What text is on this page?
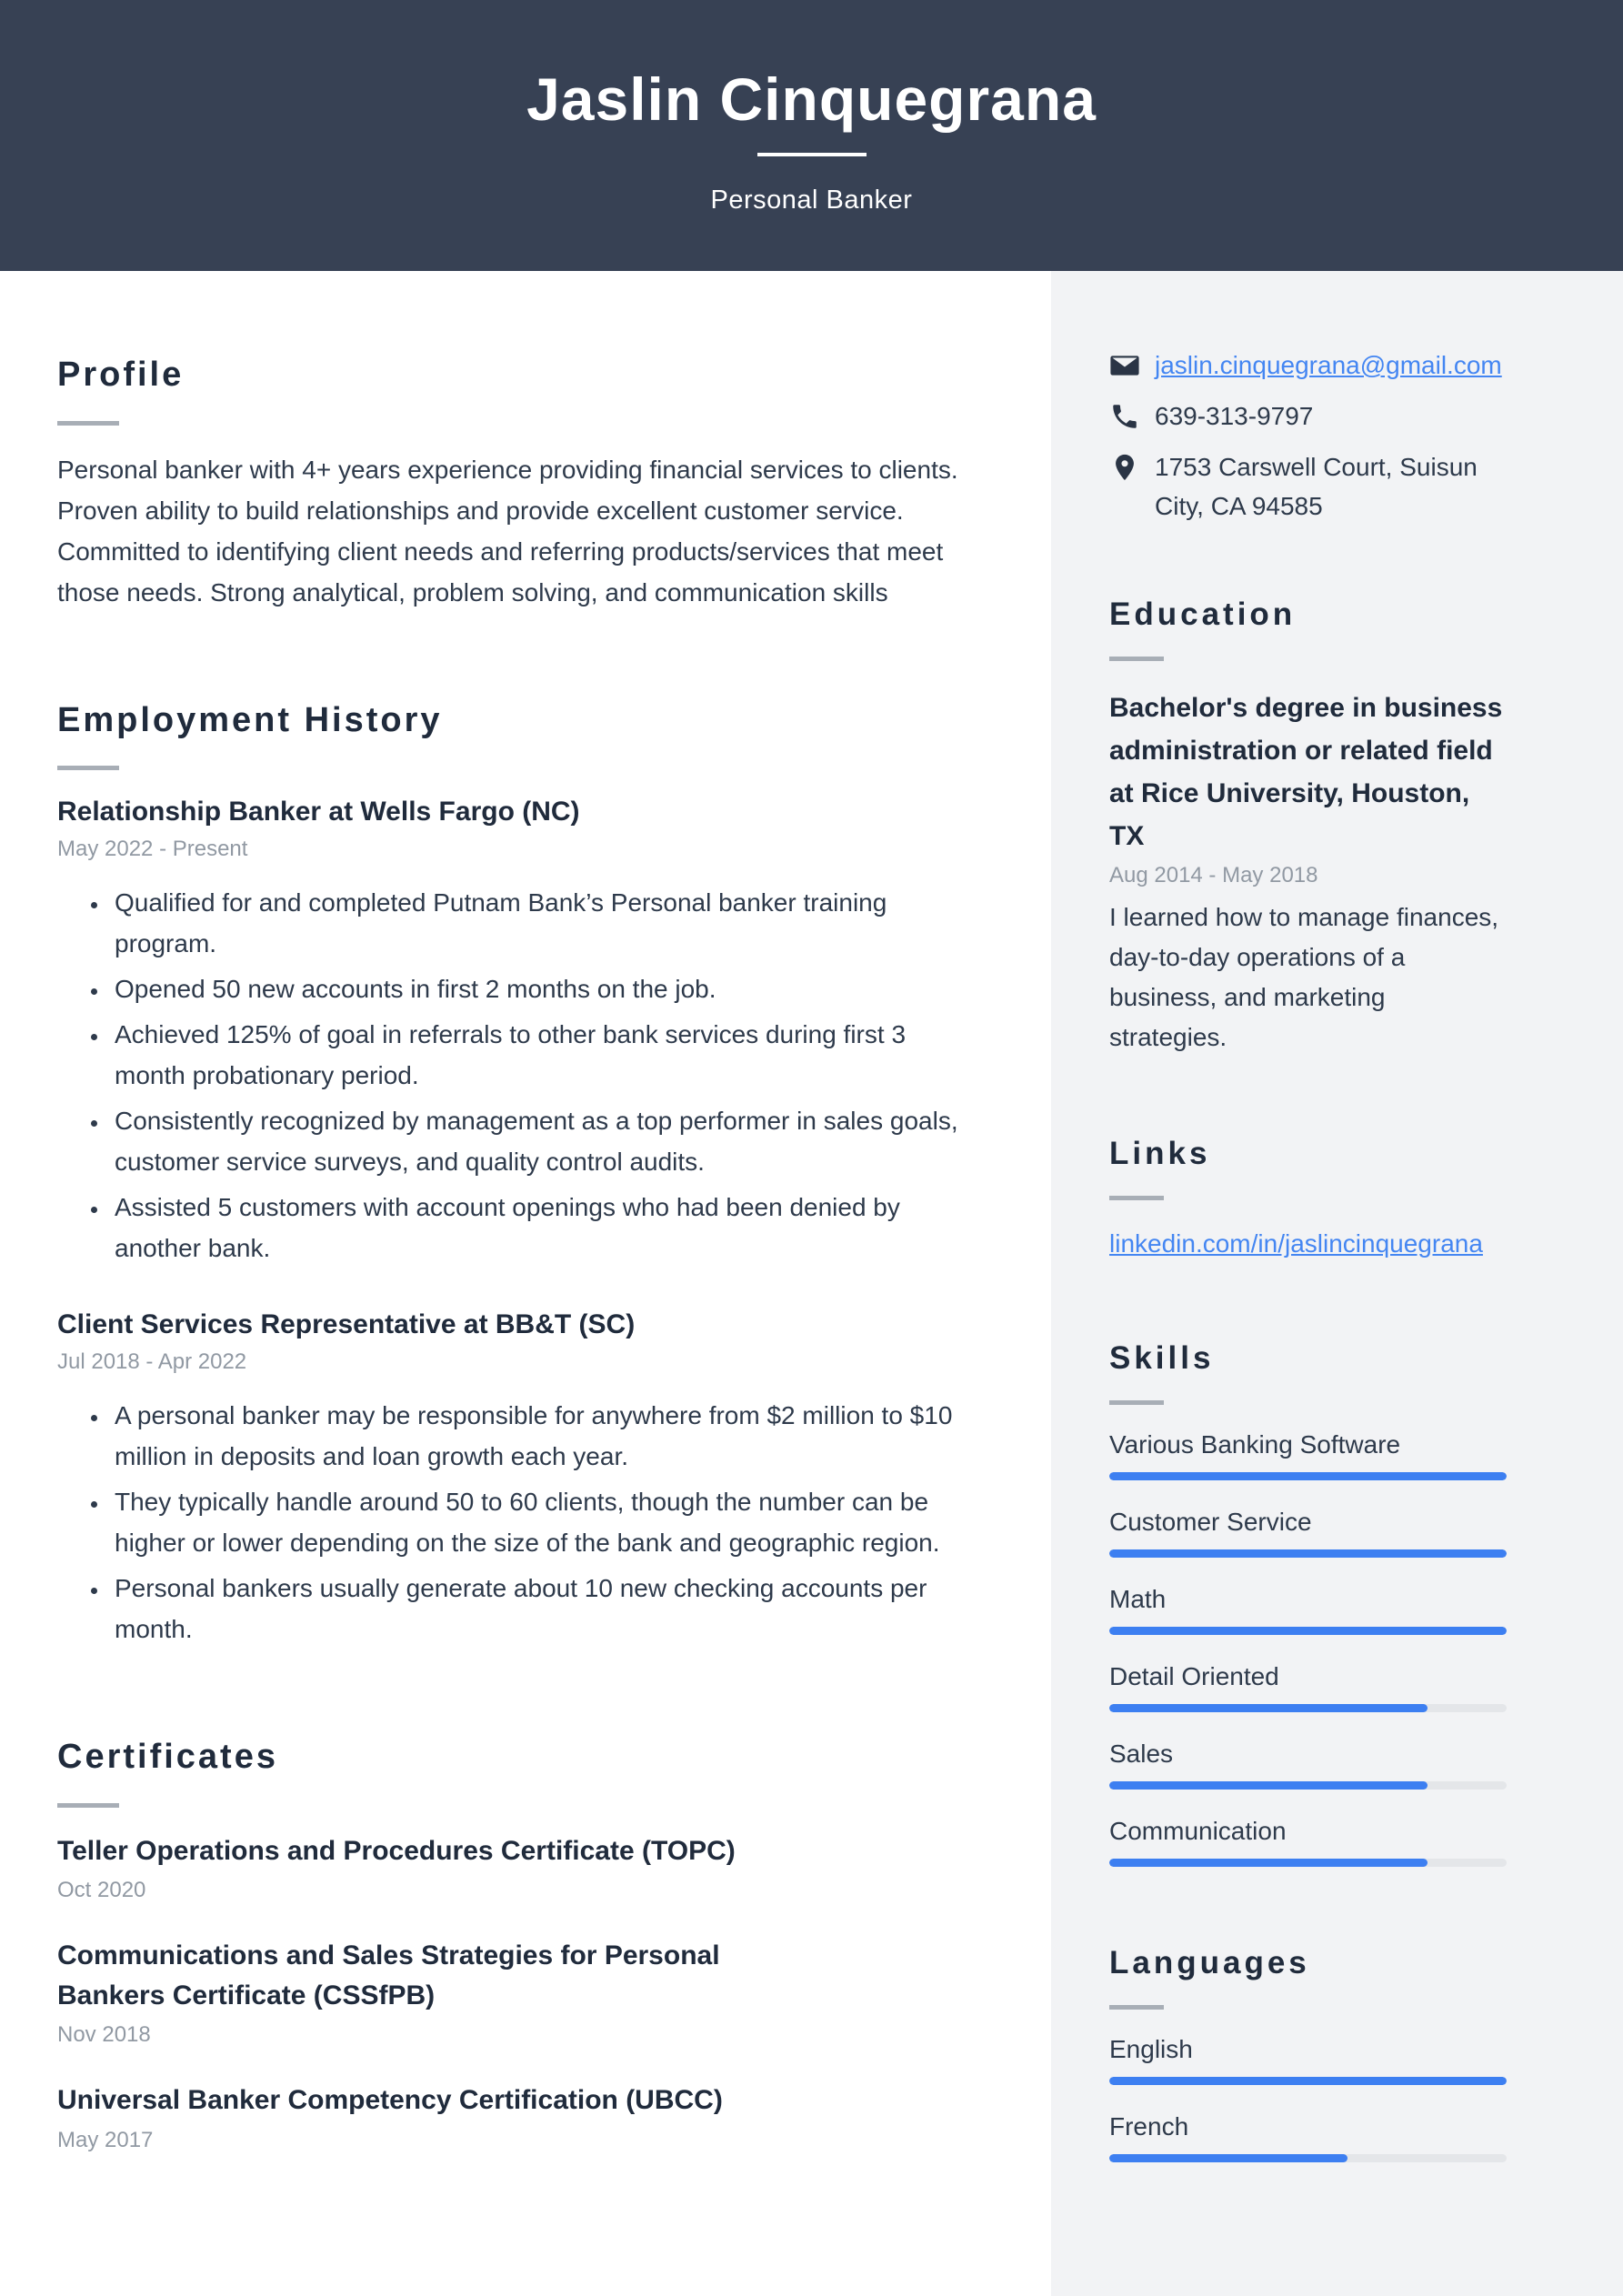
Jaslin Cinquegrana
Personal Banker
Profile
Personal banker with 4+ years experience providing financial services to clients. Proven ability to build relationships and provide excellent customer service. Committed to identifying client needs and referring products/services that meet those needs. Strong analytical, problem solving, and communication skills
Employment History
Relationship Banker at Wells Fargo (NC)
May 2022 - Present
• Qualified for and completed Putnam Bank’s Personal banker training program.
• Opened 50 new accounts in first 2 months on the job.
• Achieved 125% of goal in referrals to other bank services during first 3 month probationary period.
• Consistently recognized by management as a top performer in sales goals, customer service surveys, and quality control audits.
• Assisted 5 customers with account openings who had been denied by another bank.
Client Services Representative at BB&T (SC)
Jul 2018 - Apr 2022
• A personal banker may be responsible for anywhere from $2 million to $10 million in deposits and loan growth each year.
• They typically handle around 50 to 60 clients, though the number can be higher or lower depending on the size of the bank and geographic region.
• Personal bankers usually generate about 10 new checking accounts per month.
Certificates
Teller Operations and Procedures Certificate (TOPC)
Oct 2020
Communications and Sales Strategies for Personal Bankers Certificate (CSSfPB)
Nov 2018
Universal Banker Competency Certification (UBCC)
May 2017
jaslin.cinquegrana@gmail.com
639-313-9797
1753 Carswell Court, Suisun City, CA 94585
Education
Bachelor's degree in business administration or related field at Rice University, Houston, TX
Aug 2014 - May 2018
I learned how to manage finances, day-to-day operations of a business, and marketing strategies.
Links
linkedin.com/in/jaslincinquegrana
Skills
Various Banking Software
Customer Service
Math
Detail Oriented
Sales
Communication
Languages
English
French
